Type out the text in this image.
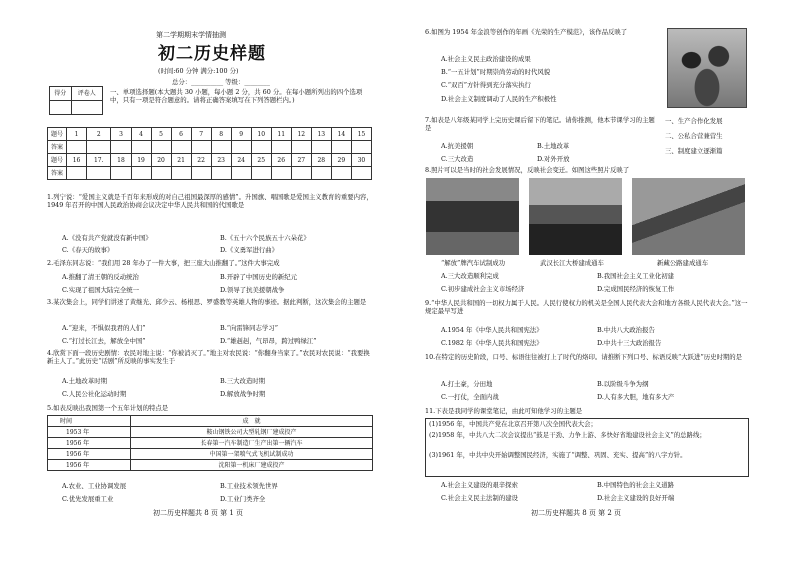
第二学期期末学情抽测
初二历史样题
(时间:60 分钟 满分:100 分)
总分：__________ 等级：________
得分	评卷人
	一、单项选择题(本大题共 30 小题，每小题 2 分，共 60 分。在每小题所列出的四个选项中，只有一项是符合题意的。请将正确答案填写在下列答题栏内。)
题号	1	2	3	4	5	6	7	8	9	10	11	12	13	14	15
答案															
题号	16	17.	18	19	20	21	22	23	24	25	26	27	28	29	30
答案															
1.列宁说：“爱国主义就是千百年来形成的对自己祖国最深厚的感情”。升国旗、唱国歌是爱国主义教育的重要内容，1949 年召开的中国人民政治协商会议决定中华人民共和国的代国歌是
A.《没有共产党就没有新中国》	B.《五十六个民族五十六朵花》
C.《春天的故事》	D.《义勇军进行曲》
2.毛泽东同志说：“我们用 28 年办了一件大事，把三座大山推翻了。”这件大事完成
A.推翻了清王朝的反动统治	B.开辟了中国历史的新纪元
C.实现了祖国大陆完全统一	D.领导了抗美援朝战争
3.某次集会上，同学们讲述了黄继光、邱少云、杨根思、罗盛教等英雄人物的事迹。据此判断，这次集会的主题是
A.“迎来，不惧似我君的人们”	B.“向雷锋同志学习”
C.“打过长江去，解放全中国”	D.“雄赳赳，气昂昂，跨过鸭绿江”
4.欣赏下面一段历史剧情：农民对地主说：“你被消灭了。”地主对农民说：“你翻身当家了。”农民对农民说：“我要换新主人了。”此历史“话剧”所反映的事实发生于
A.土地改革时期	B.三大改造时期
C.人民公社化运动时期	D.解放战争时期
5.如表反映出我国第一个五年计划的特点是
时间	成　就
1953 年	鞍山钢铁公司大型轧钢厂建成投产
1956 年	长春第一汽车制造厂生产出第一辆汽车
1956 年	中国第一架喷气式飞机试制成功
1956 年	沈阳第一机床厂建成投产
A.农业、工业协调发展	B.工业技术领先世界
C.优先发展重工业	D.工业门类齐全
初二历史样题共 8 页 第 1 页
6.如图为 1954 年金浪等创作的年画《光荣的生产模范》，该作品反映了
A.社会主义民主政治建设的成果
B.“一五计划”时期崇尚劳动的时代风貌
C.“双百”方针得到充分落实执行
D.社会主义制度调动了人民的生产积极性
7.如表是八年级某同学上完历史课后留下的笔记。请你推测，他本节课学习的主题是
一、生产合作化发展
二、公私合营兼营生
三、制度建立逐渐篇
A.抗美援朝	B.土地改革
C.三大改造	D.对外开放
8.照片可以是当时的社会发展情况，反映社会变迁。如图这些照片反映了
“解放”牌汽车试制成功	武汉长江大桥建成通车	新藏公路建成通车
A.三大改造顺利完成	B.我国社会主义工业化初建
C.初步建成社会主义市场经济	D.完成国民经济的恢复工作
9.“中华人民共和国的一切权力属于人民。人民行使权力的机关是全国人民代表大会和地方各级人民代表大会。”这一规定最早写进
A.1954 年《中华人民共和国宪法》	B.中共八大政治报告
C.1982 年《中华人民共和国宪法》	D.中共十三大政治报告
10.在特定的历史阶段，口号、标语往往被打上了时代的烙印。请推断下列口号、标语反映“大跃进”历史时期的是
A.打土豪，分田地	B.以阶级斗争为纲
C.一打仗，全面内战	D.人有多大胆，地有多大产
11.下表是我同学的课堂笔记，由此可知他学习的主题是
(1)1956 年，中国共产党在北京召开第八次全国代表大会；
(2)1958 年，中共八大二次会议提出“鼓足干劲、力争上游、多快好省地建设社会主义”的总路线；
(3)1961 年，中共中央开始调整国民经济，实施了“调整、巩固、充实、提高”的八字方针。
A.社会主义建设的艰辛探索	B.中国特色的社会主义道路
C.社会主义民主法制的建设	D.社会主义建设的良好开端
初二历史样题共 8 页 第 2 页
